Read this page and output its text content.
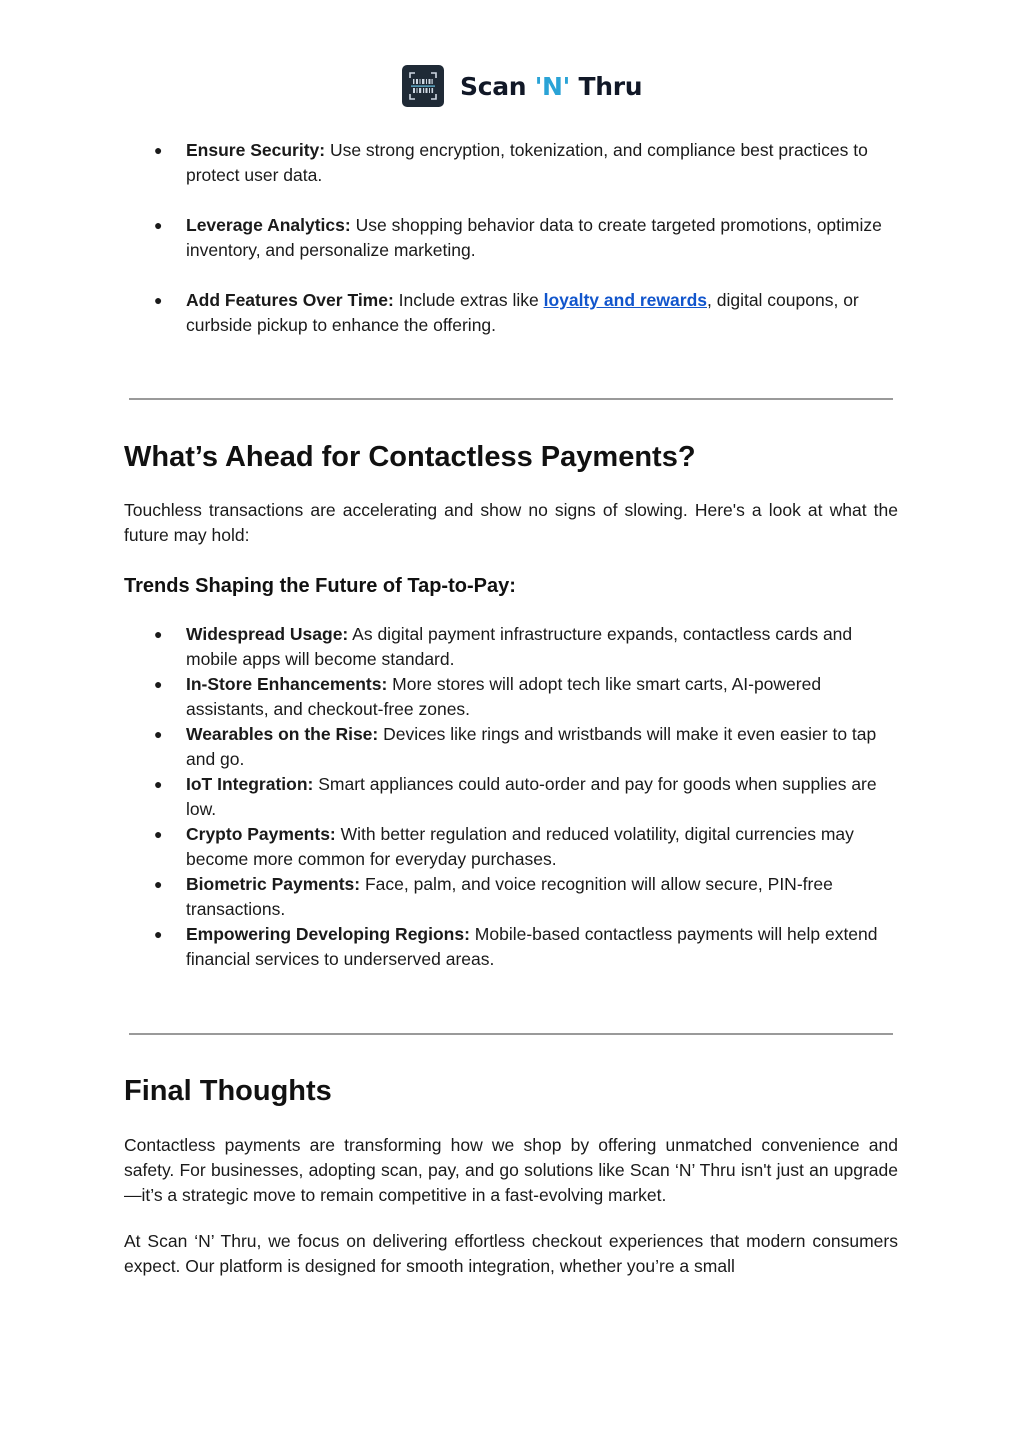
Scan 'N' Thru
● Ensure Security: Use strong encryption, tokenization, and compliance best practices to protect user data.
● Leverage Analytics: Use shopping behavior data to create targeted promotions, optimize inventory, and personalize marketing.
● Add Features Over Time: Include extras like loyalty and rewards, digital coupons, or curbside pickup to enhance the offering.
What’s Ahead for Contactless Payments?

Touchless transactions are accelerating and show no signs of slowing. Here's a look at what the future may hold:

Trends Shaping the Future of Tap-to-Pay:
● Widespread Usage: As digital payment infrastructure expands, contactless cards and mobile apps will become standard.
● In-Store Enhancements: More stores will adopt tech like smart carts, AI-powered assistants, and checkout-free zones.
● Wearables on the Rise: Devices like rings and wristbands will make it even easier to tap and go.
● IoT Integration: Smart appliances could auto-order and pay for goods when supplies are low.
● Crypto Payments: With better regulation and reduced volatility, digital currencies may become more common for everyday purchases.
● Biometric Payments: Face, palm, and voice recognition will allow secure, PIN-free transactions.
● Empowering Developing Regions: Mobile-based contactless payments will help extend financial services to underserved areas.
Final Thoughts

Contactless payments are transforming how we shop by offering unmatched convenience and safety. For businesses, adopting scan, pay, and go solutions like Scan ‘N’ Thru isn't just an upgrade—it’s a strategic move to remain competitive in a fast-evolving market.

At Scan ‘N’ Thru, we focus on delivering effortless checkout experiences that modern consumers expect. Our platform is designed for smooth integration, whether you’re a small
